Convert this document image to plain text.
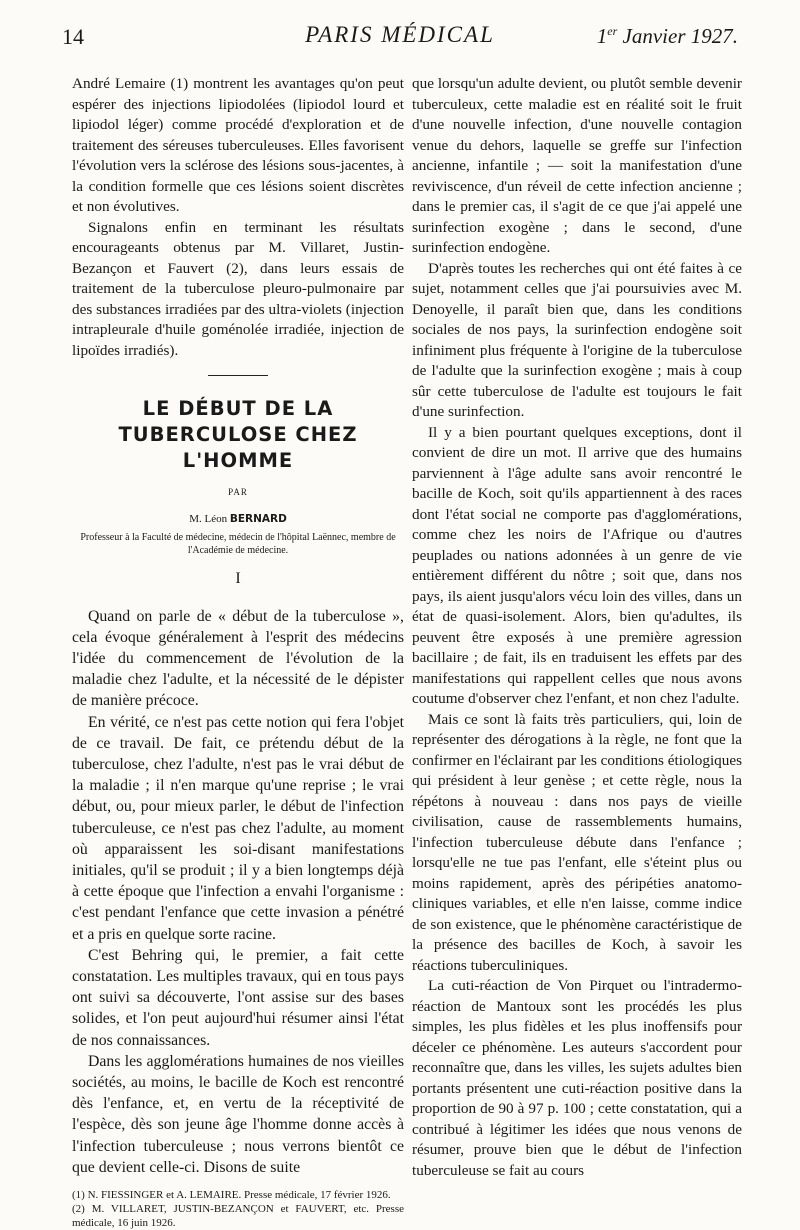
14	PARIS MÉDICAL	1er Janvier 1927.

André Lemaire (1) montrent les avantages qu'on peut espérer des injections lipiodolées (lipiodol lourd et lipiodol léger) comme procédé d'exploration et de traitement des séreuses tuberculeuses. Elles favorisent l'évolution vers la sclérose des lésions sous-jacentes, à la condition formelle que ces lésions soient discrètes et non évolutives.

Signalons enfin en terminant les résultats encourageants obtenus par M. Villaret, Justin-Bezançon et Fauvert (2), dans leurs essais de traitement de la tuberculose pleuro-pulmonaire par des substances irradiées par des ultra-violets (injection intrapleurale d'huile goménolée irradiée, injection de lipoïdes irradiés).

LE DÉBUT DE LA
TUBERCULOSE CHEZ
L'HOMME
PAR
M. Léon BERNARD
Professeur à la Faculté de médecine, médecin de l'hôpital Laënnec, membre de l'Académie de médecine.
I

Quand on parle de « début de la tuberculose », cela évoque généralement à l'esprit des médecins l'idée du commencement de l'évolution de la maladie chez l'adulte, et la nécessité de le dépister de manière précoce.

En vérité, ce n'est pas cette notion qui fera l'objet de ce travail. De fait, ce prétendu début de la tuberculose, chez l'adulte, n'est pas le vrai début de la maladie ; il n'en marque qu'une reprise ; le vrai début, ou, pour mieux parler, le début de l'infection tuberculeuse, ce n'est pas chez l'adulte, au moment où apparaissent les soi-disant manifestations initiales, qu'il se produit ; il y a bien longtemps déjà à cette époque que l'infection a envahi l'organisme : c'est pendant l'enfance que cette invasion a pénétré et a pris en quelque sorte racine.

C'est Behring qui, le premier, a fait cette constatation. Les multiples travaux, qui en tous pays ont suivi sa découverte, l'ont assise sur des bases solides, et l'on peut aujourd'hui résumer ainsi l'état de nos connaissances.

Dans les agglomérations humaines de nos vieilles sociétés, au moins, le bacille de Koch est rencontré dès l'enfance, et, en vertu de la réceptivité de l'espèce, dès son jeune âge l'homme donne accès à l'infection tuberculeuse ; nous verrons bientôt ce que devient celle-ci. Disons de suite

(1) N. FIESSINGER et A. LEMAIRE. Presse médicale, 17 février 1926.

(2) M. VILLARET, JUSTIN-BEZANÇON et FAUVERT, etc. Presse médicale, 16 juin 1926.

que lorsqu'un adulte devient, ou plutôt semble devenir tuberculeux, cette maladie est en réalité soit le fruit d'une nouvelle infection, d'une nouvelle contagion venue du dehors, laquelle se greffe sur l'infection ancienne, infantile ; — soit la manifestation d'une reviviscence, d'un réveil de cette infection ancienne ; dans le premier cas, il s'agit de ce que j'ai appelé une surinfection exogène ; dans le second, d'une surinfection endogène.

D'après toutes les recherches qui ont été faites à ce sujet, notamment celles que j'ai poursuivies avec M. Denoyelle, il paraît bien que, dans les conditions sociales de nos pays, la surinfection endogène soit infiniment plus fréquente à l'origine de la tuberculose de l'adulte que la surinfection exogène ; mais à coup sûr cette tuberculose de l'adulte est toujours le fait d'une surinfection.

Il y a bien pourtant quelques exceptions, dont il convient de dire un mot. Il arrive que des humains parviennent à l'âge adulte sans avoir rencontré le bacille de Koch, soit qu'ils appartiennent à des races dont l'état social ne comporte pas d'agglomérations, comme chez les noirs de l'Afrique ou d'autres peuplades ou nations adonnées à un genre de vie entièrement différent du nôtre ; soit que, dans nos pays, ils aient jusqu'alors vécu loin des villes, dans un état de quasi-isolement. Alors, bien qu'adultes, ils peuvent être exposés à une première agression bacillaire ; de fait, ils en traduisent les effets par des manifestations qui rappellent celles que nous avons coutume d'observer chez l'enfant, et non chez l'adulte.

Mais ce sont là faits très particuliers, qui, loin de représenter des dérogations à la règle, ne font que la confirmer en l'éclairant par les conditions étiologiques qui président à leur genèse ; et cette règle, nous la répétons à nouveau : dans nos pays de vieille civilisation, cause de rassemblements humains, l'infection tuberculeuse débute dans l'enfance ; lorsqu'elle ne tue pas l'enfant, elle s'éteint plus ou moins rapidement, après des péripéties anatomo-cliniques variables, et elle n'en laisse, comme indice de son existence, que le phénomène caractéristique de la présence des bacilles de Koch, à savoir les réactions tuberculiniques.

La cuti-réaction de Von Pirquet ou l'intradermo-réaction de Mantoux sont les procédés les plus simples, les plus fidèles et les plus inoffensifs pour déceler ce phénomène. Les auteurs s'accordent pour reconnaître que, dans les villes, les sujets adultes bien portants présentent une cuti-réaction positive dans la proportion de 90 à 97 p. 100 ; cette constatation, qui a contribué à légitimer les idées que nous venons de résumer, prouve bien que le début de l'infection tuberculeuse se fait au cours
